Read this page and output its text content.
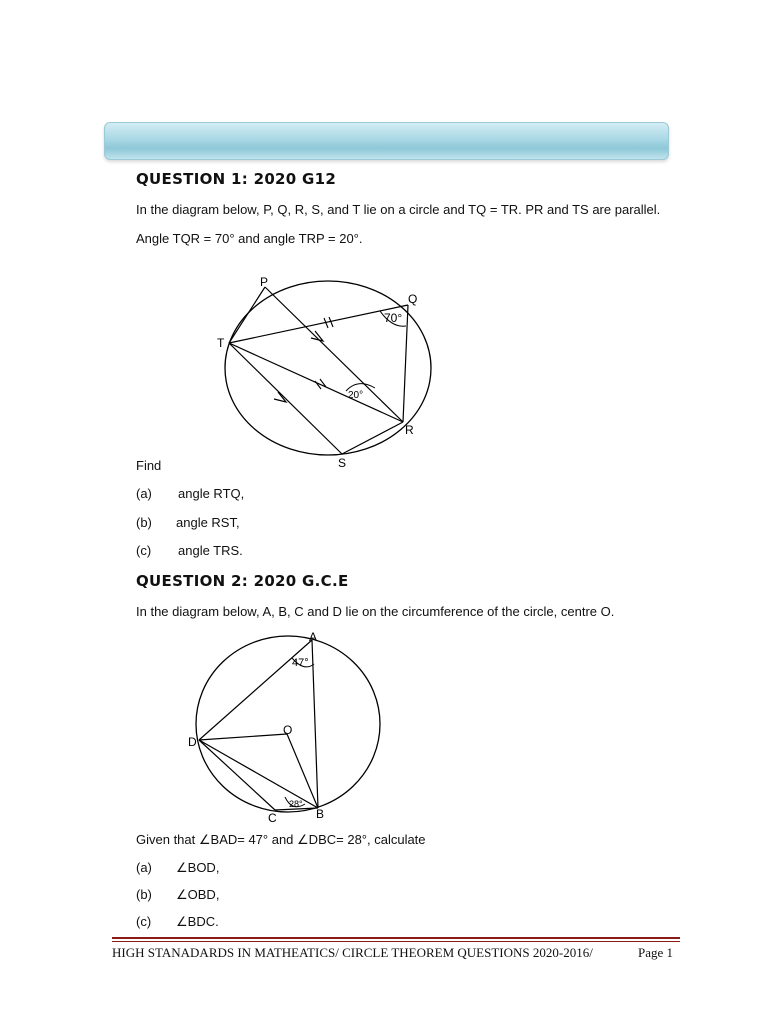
QUESTION 1: 2020 G12
In the diagram below, P, Q, R, S, and T lie on a circle and TQ = TR. PR and TS are parallel.
Angle TQR = 70° and angle TRP = 20°.
70°
20°
P
Q
T
R
S
Find
(a) angle RTQ,
(b) angle RST,
(c) angle TRS.
QUESTION 2: 2020 G.C.E
In the diagram below, A, B, C and D lie on the circumference of the circle, centre O.
47°
28°
A
D
O
C	B
Given that ∠BAD= 47° and ∠DBC= 28°, calculate
(a) ∠BOD,
(b) ∠OBD,
(c) ∠BDC.
HIGH STANADARDS IN MATHEATICS/ CIRCLE THEOREM QUESTIONS 2020-2016/	Page 1
